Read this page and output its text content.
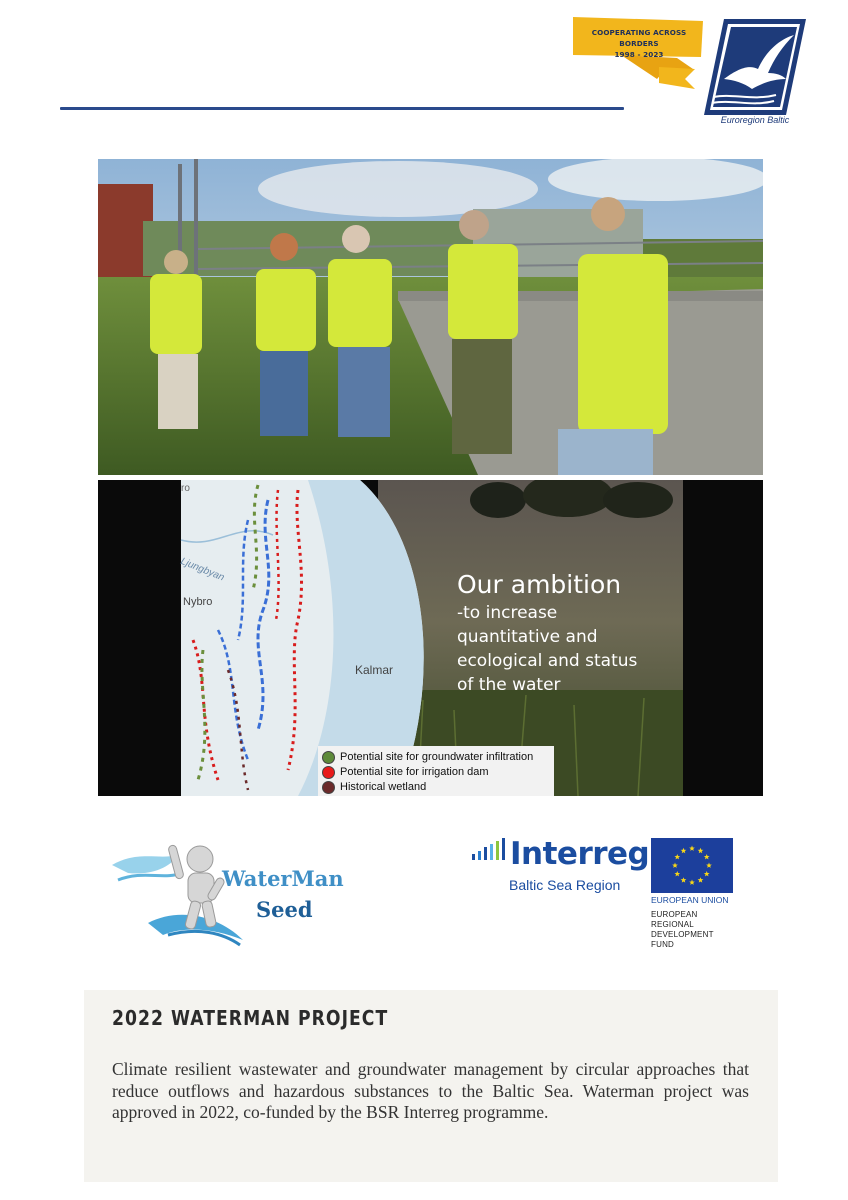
COOPERATING ACROSS BORDERS
1998 - 2023
Euroregion Baltic
ro
Ljungbyan
Nybro
Kalmar
Our ambition
-to increase
quantitative and
ecological and status
of the water
Potential site for groundwater infiltration
Potential site for irrigation dam
Historical wetland
WaterMan
Seed
Interreg
Baltic Sea Region
EUROPEAN UNION
EUROPEAN
REGIONAL
DEVELOPMENT
FUND
2022 WATERMAN PROJECT
Climate resilient wastewater and groundwater management by circular approaches that reduce outflows and hazardous substances to the Baltic Sea. Waterman project was approved in 2022, co-funded by the BSR Interreg programme.
